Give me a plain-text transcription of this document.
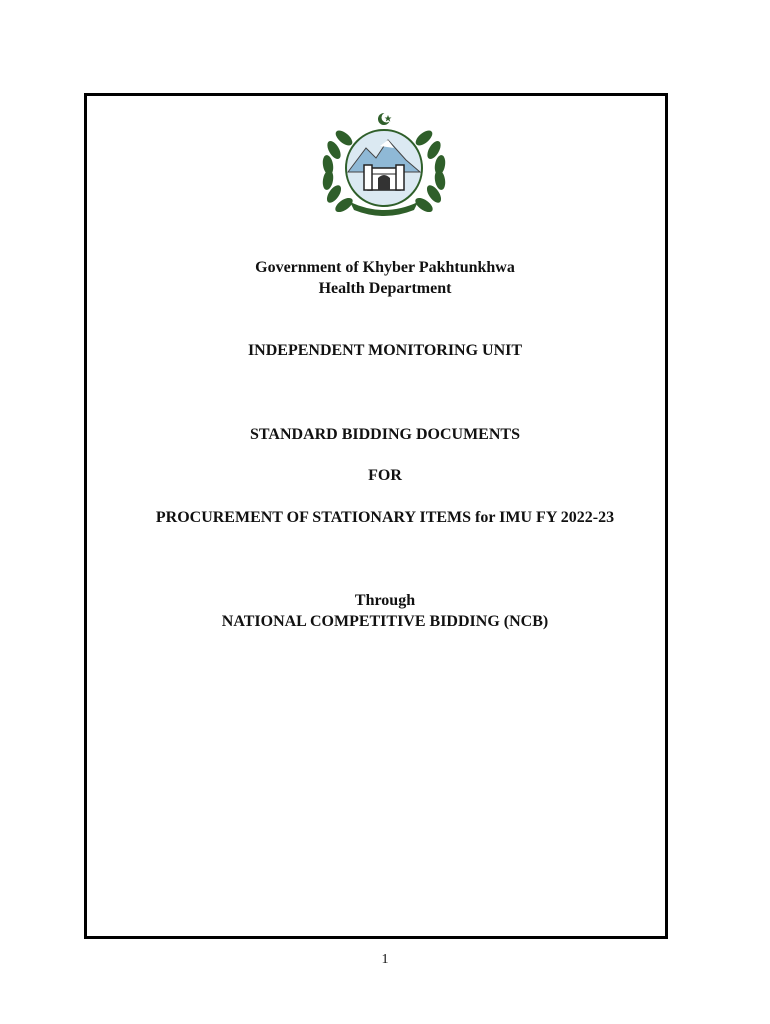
Government of Khyber Pakhtunkhwa
Health Department
INDEPENDENT MONITORING UNIT
STANDARD BIDDING DOCUMENTS
FOR
PROCUREMENT OF STATIONARY ITEMS for IMU FY 2022-23
Through
NATIONAL COMPETITIVE BIDDING (NCB)
1
